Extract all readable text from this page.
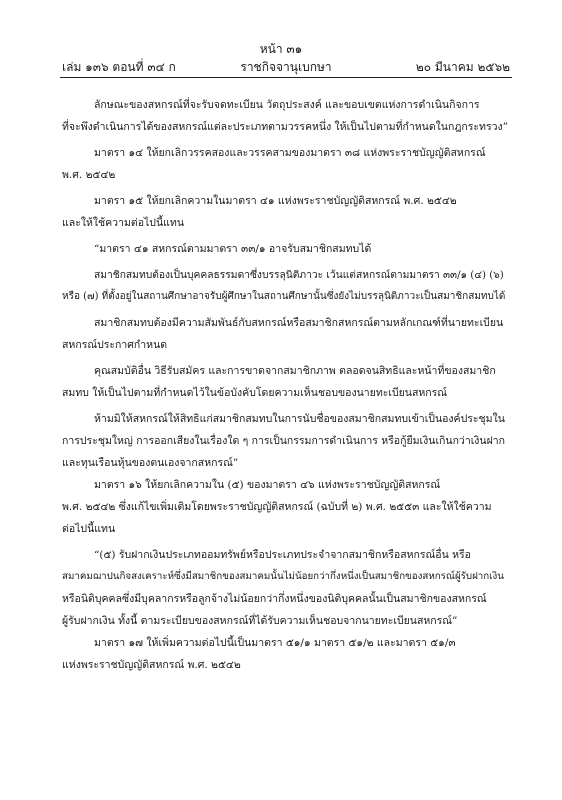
หน้า ๓๑
เล่ม ๑๓๖ ตอนที่ ๓๔ ก	ราชกิจจานุเบกษา	๒๐ มีนาคม ๒๕๖๒
ลักษณะของสหกรณ์ที่จะรับจดทะเบียน วัตถุประสงค์ และขอบเขตแห่งการดำเนินกิจการ
ที่จะพึงดำเนินการได้ของสหกรณ์แต่ละประเภทตามวรรคหนึ่ง ให้เป็นไปตามที่กำหนดในกฎกระทรวง”
มาตรา ๑๔ ให้ยกเลิกวรรคสองและวรรคสามของมาตรา ๓๘ แห่งพระราชบัญญัติสหกรณ์
พ.ศ. ๒๕๔๒
มาตรา ๑๕ ให้ยกเลิกความในมาตรา ๔๑ แห่งพระราชบัญญัติสหกรณ์ พ.ศ. ๒๕๔๒
และให้ใช้ความต่อไปนี้แทน
“มาตรา ๔๑ สหกรณ์ตามมาตรา ๓๓/๑ อาจรับสมาชิกสมทบได้
สมาชิกสมทบต้องเป็นบุคคลธรรมดาซึ่งบรรลุนิติภาวะ เว้นแต่สหกรณ์ตามมาตรา ๓๓/๑ (๔) (๖)
หรือ (๗) ที่ตั้งอยู่ในสถานศึกษาอาจรับผู้ศึกษาในสถานศึกษานั้นซึ่งยังไม่บรรลุนิติภาวะเป็นสมาชิกสมทบได้
สมาชิกสมทบต้องมีความสัมพันธ์กับสหกรณ์หรือสมาชิกสหกรณ์ตามหลักเกณฑ์ที่นายทะเบียน
สหกรณ์ประกาศกำหนด
คุณสมบัติอื่น วิธีรับสมัคร และการขาดจากสมาชิกภาพ ตลอดจนสิทธิและหน้าที่ของสมาชิก
สมทบ ให้เป็นไปตามที่กำหนดไว้ในข้อบังคับโดยความเห็นชอบของนายทะเบียนสหกรณ์
ห้ามมิให้สหกรณ์ให้สิทธิแก่สมาชิกสมทบในการนับชื่อของสมาชิกสมทบเข้าเป็นองค์ประชุมใน
การประชุมใหญ่ การออกเสียงในเรื่องใด ๆ การเป็นกรรมการดำเนินการ หรือกู้ยืมเงินเกินกว่าเงินฝาก
และทุนเรือนหุ้นของตนเองจากสหกรณ์”
มาตรา ๑๖ ให้ยกเลิกความใน (๕) ของมาตรา ๔๖ แห่งพระราชบัญญัติสหกรณ์
พ.ศ. ๒๕๔๒ ซึ่งแก้ไขเพิ่มเติมโดยพระราชบัญญัติสหกรณ์ (ฉบับที่ ๒) พ.ศ. ๒๕๕๓ และให้ใช้ความ
ต่อไปนี้แทน
“(๕) รับฝากเงินประเภทออมทรัพย์หรือประเภทประจำจากสมาชิกหรือสหกรณ์อื่น หรือ
สมาคมฌาปนกิจสงเคราะห์ซึ่งมีสมาชิกของสมาคมนั้นไม่น้อยกว่ากึ่งหนึ่งเป็นสมาชิกของสหกรณ์ผู้รับฝากเงิน
หรือนิติบุคคลซึ่งมีบุคลากรหรือลูกจ้างไม่น้อยกว่ากึ่งหนึ่งของนิติบุคคลนั้นเป็นสมาชิกของสหกรณ์
ผู้รับฝากเงิน ทั้งนี้ ตามระเบียบของสหกรณ์ที่ได้รับความเห็นชอบจากนายทะเบียนสหกรณ์”
มาตรา ๑๗ ให้เพิ่มความต่อไปนี้เป็นมาตรา ๕๑/๑ มาตรา ๕๑/๒ และมาตรา ๕๑/๓
แห่งพระราชบัญญัติสหกรณ์ พ.ศ. ๒๕๔๒
